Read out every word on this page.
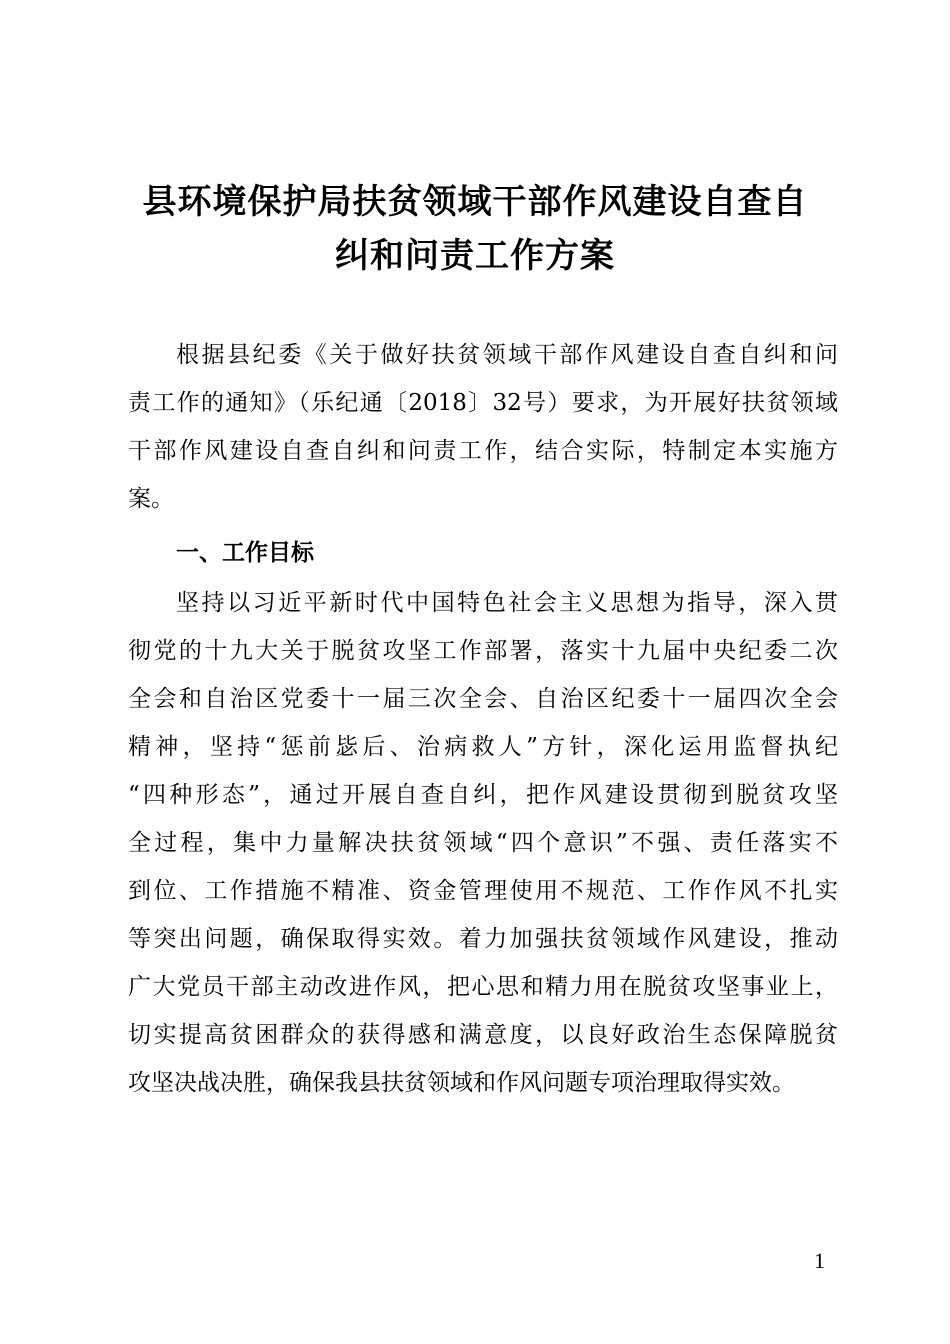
县环境保护局扶贫领域干部作风建设自查自
纠和问责工作方案
根据县纪委《关于做好扶贫领域干部作风建设自查自纠和问
责工作的通知》（乐纪通〔2018〕32号）要求，为开展好扶贫领域
干部作风建设自查自纠和问责工作，结合实际，特制定本实施方
案。
一、工作目标
坚持以习近平新时代中国特色社会主义思想为指导，深入贯
彻党的十九大关于脱贫攻坚工作部署，落实十九届中央纪委二次
全会和自治区党委十一届三次全会、自治区纪委十一届四次全会
精神，坚持“惩前毖后、治病救人”方针，深化运用监督执纪
“四种形态”，通过开展自查自纠，把作风建设贯彻到脱贫攻坚
全过程，集中力量解决扶贫领域“四个意识”不强、责任落实不
到位、工作措施不精准、资金管理使用不规范、工作作风不扎实
等突出问题，确保取得实效。着力加强扶贫领域作风建设，推动
广大党员干部主动改进作风，把心思和精力用在脱贫攻坚事业上，
切实提高贫困群众的获得感和满意度，以良好政治生态保障脱贫
攻坚决战决胜，确保我县扶贫领域和作风问题专项治理取得实效。
1
